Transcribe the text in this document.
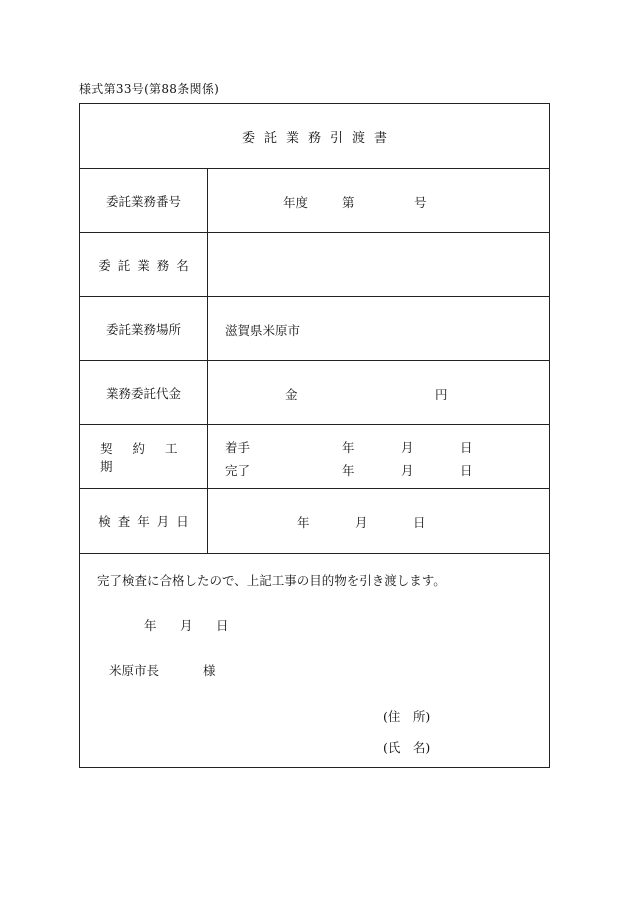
様式第33号(第88条関係)
委託業務引渡書
委託業務番号	年度	第	号
委託業務名
委託業務場所	滋賀県米原市
業務委託代金	金	円
契約工期
着手	年	月	日
完了	年	月	日
検査年月日	年	月	日
完了検査に合格したので、上記工事の目的物を引き渡します。
年 月 日
米原市長	様
(住　所)
(氏　名)
